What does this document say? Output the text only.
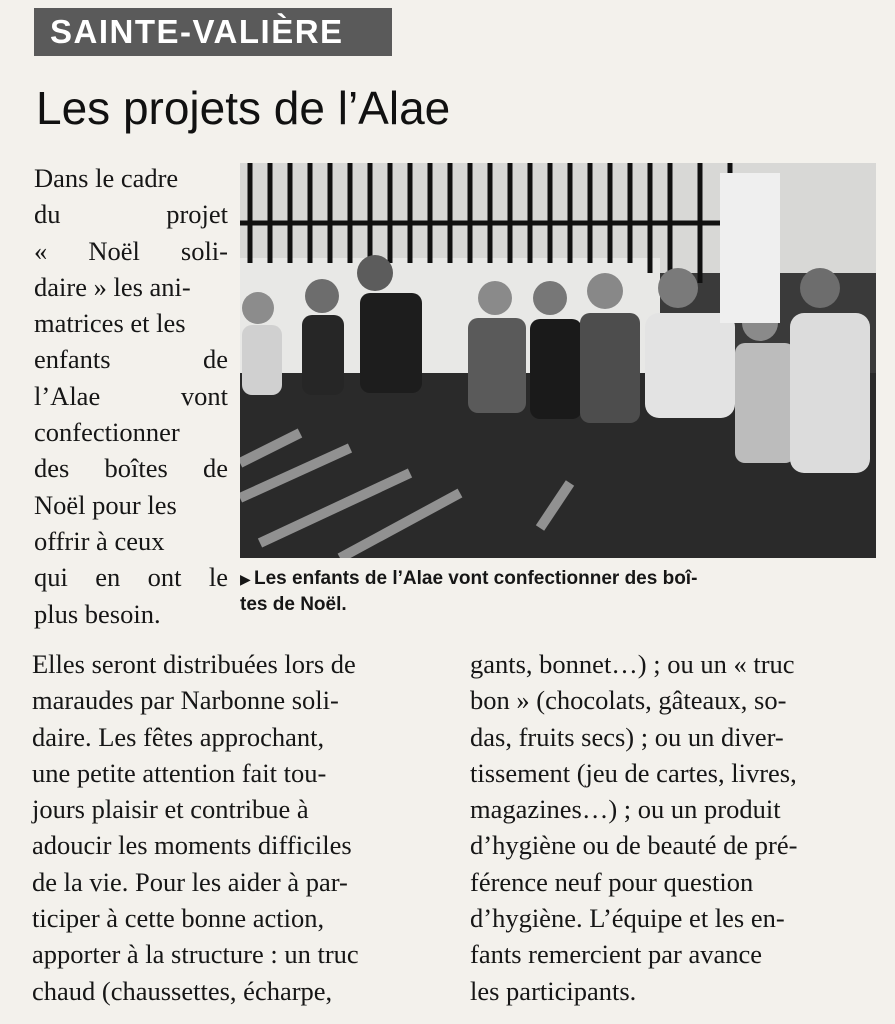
SAINTE-VALIÈRE
Les projets de l’Alae
Dans le cadre
du projet
« Noël soli-
daire » les ani-
matrices et les
enfants de
l’Alae vont
confectionner
des boîtes de
Noël pour les
offrir à ceux
qui en ont le
plus besoin.
▶ Les enfants de l’Alae vont confectionner des boî-
tes de Noël.
Elles seront distribuées lors de
maraudes par Narbonne soli-
daire. Les fêtes approchant,
une petite attention fait tou-
jours plaisir et contribue à
adoucir les moments difficiles
de la vie. Pour les aider à par-
ticiper à cette bonne action,
apporter à la structure : un truc
chaud (chaussettes, écharpe,
gants, bonnet…) ; ou un « truc
bon » (chocolats, gâteaux, so-
das, fruits secs) ; ou un diver-
tissement (jeu de cartes, livres,
magazines…) ; ou un produit
d’hygiène ou de beauté de pré-
férence neuf pour question
d’hygiène. L’équipe et les en-
fants remercient par avance
les participants.
